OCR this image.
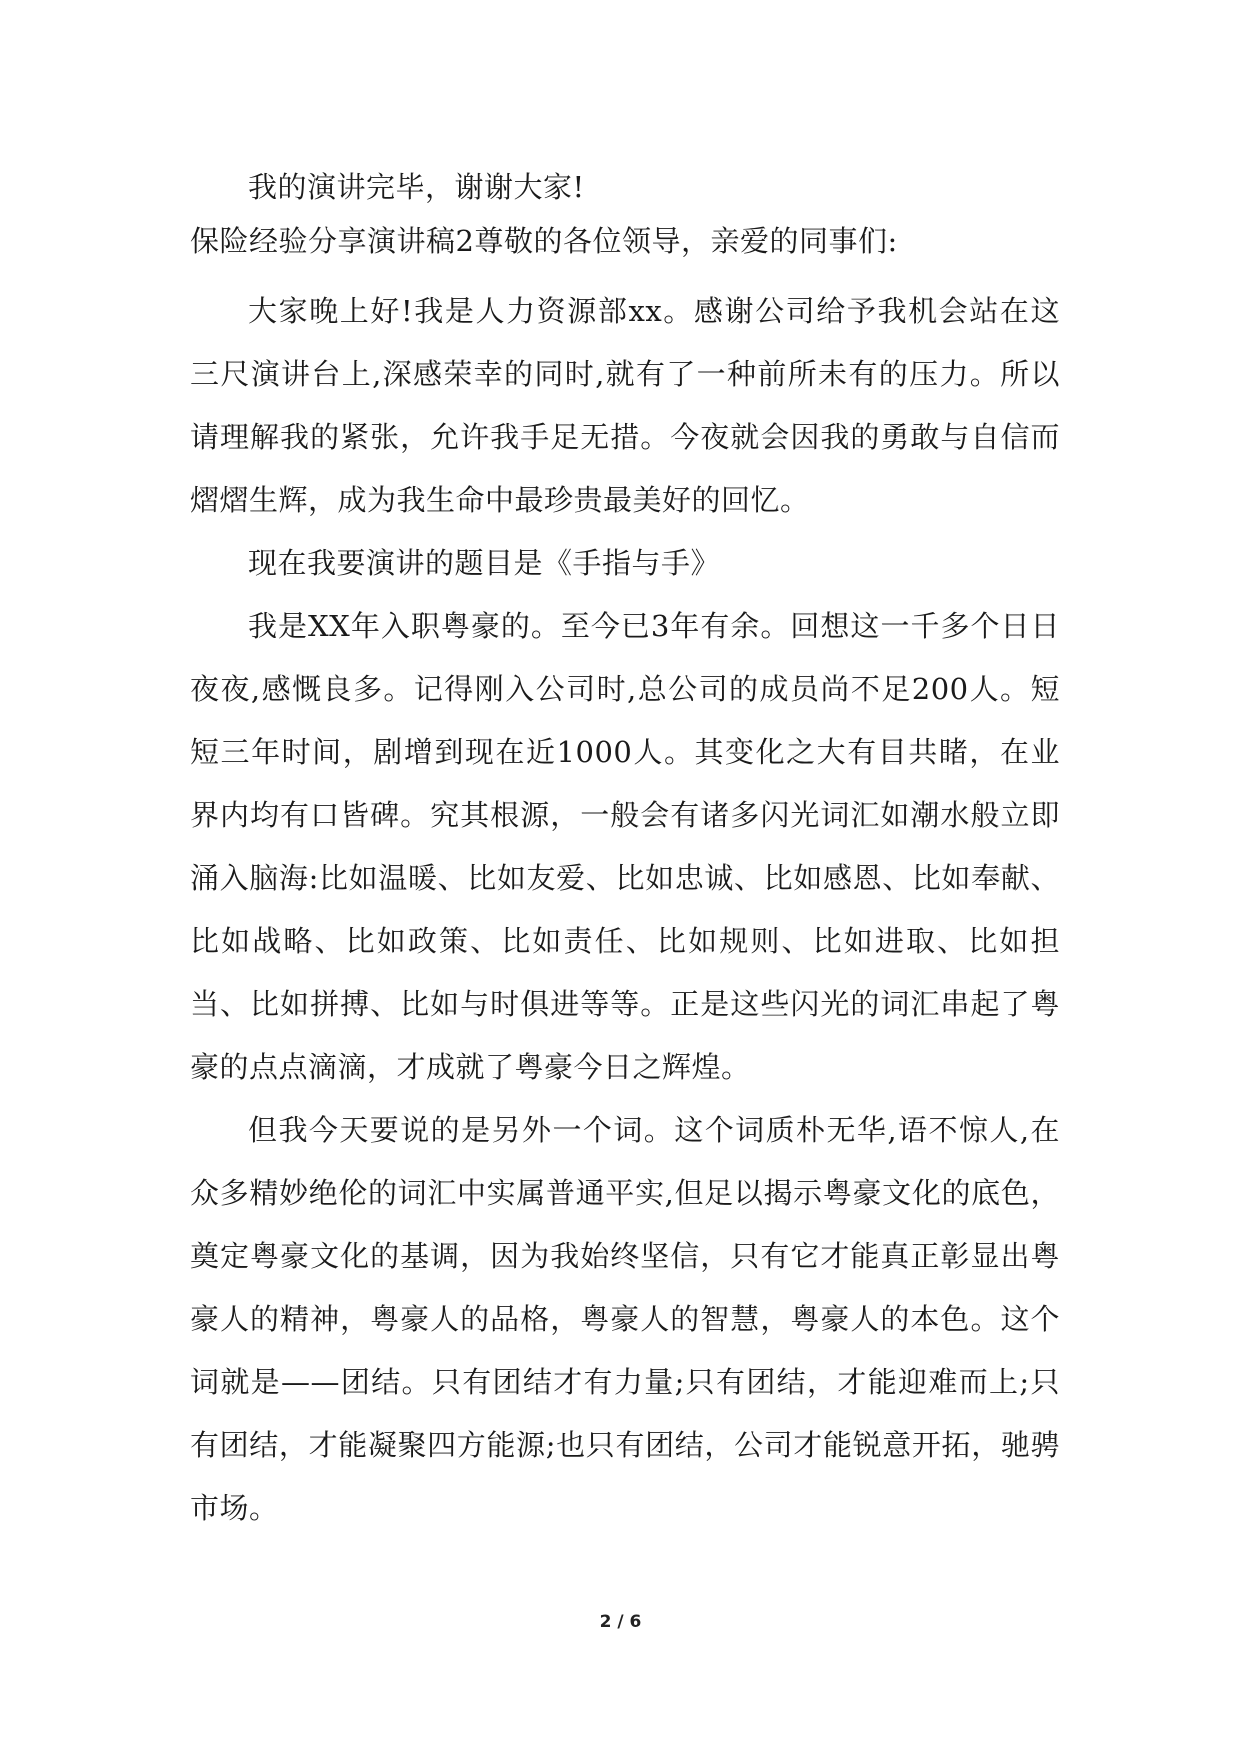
我的演讲完毕，谢谢大家!

保险经验分享演讲稿2尊敬的各位领导，亲爱的同事们:

大家晚上好!我是人力资源部xx。感谢公司给予我机会站在这三尺演讲台上,深感荣幸的同时,就有了一种前所未有的压力。所以请理解我的紧张，允许我手足无措。今夜就会因我的勇敢与自信而熠熠生辉，成为我生命中最珍贵最美好的回忆。

现在我要演讲的题目是《手指与手》

我是XX年入职粤豪的。至今已3年有余。回想这一千多个日日夜夜,感慨良多。记得刚入公司时,总公司的成员尚不足200人。短短三年时间，剧增到现在近1000人。其变化之大有目共睹，在业界内均有口皆碑。究其根源，一般会有诸多闪光词汇如潮水般立即涌入脑海:比如温暖、比如友爱、比如忠诚、比如感恩、比如奉献、比如战略、比如政策、比如责任、比如规则、比如进取、比如担当、比如拼搏、比如与时俱进等等。正是这些闪光的词汇串起了粤豪的点点滴滴，才成就了粤豪今日之辉煌。

但我今天要说的是另外一个词。这个词质朴无华,语不惊人,在众多精妙绝伦的词汇中实属普通平实,但足以揭示粤豪文化的底色，奠定粤豪文化的基调，因为我始终坚信，只有它才能真正彰显出粤豪人的精神，粤豪人的品格，粤豪人的智慧，粤豪人的本色。这个词就是——团结。只有团结才有力量;只有团结，才能迎难而上;只有团结，才能凝聚四方能源;也只有团结，公司才能锐意开拓，驰骋市场。

2 / 6
